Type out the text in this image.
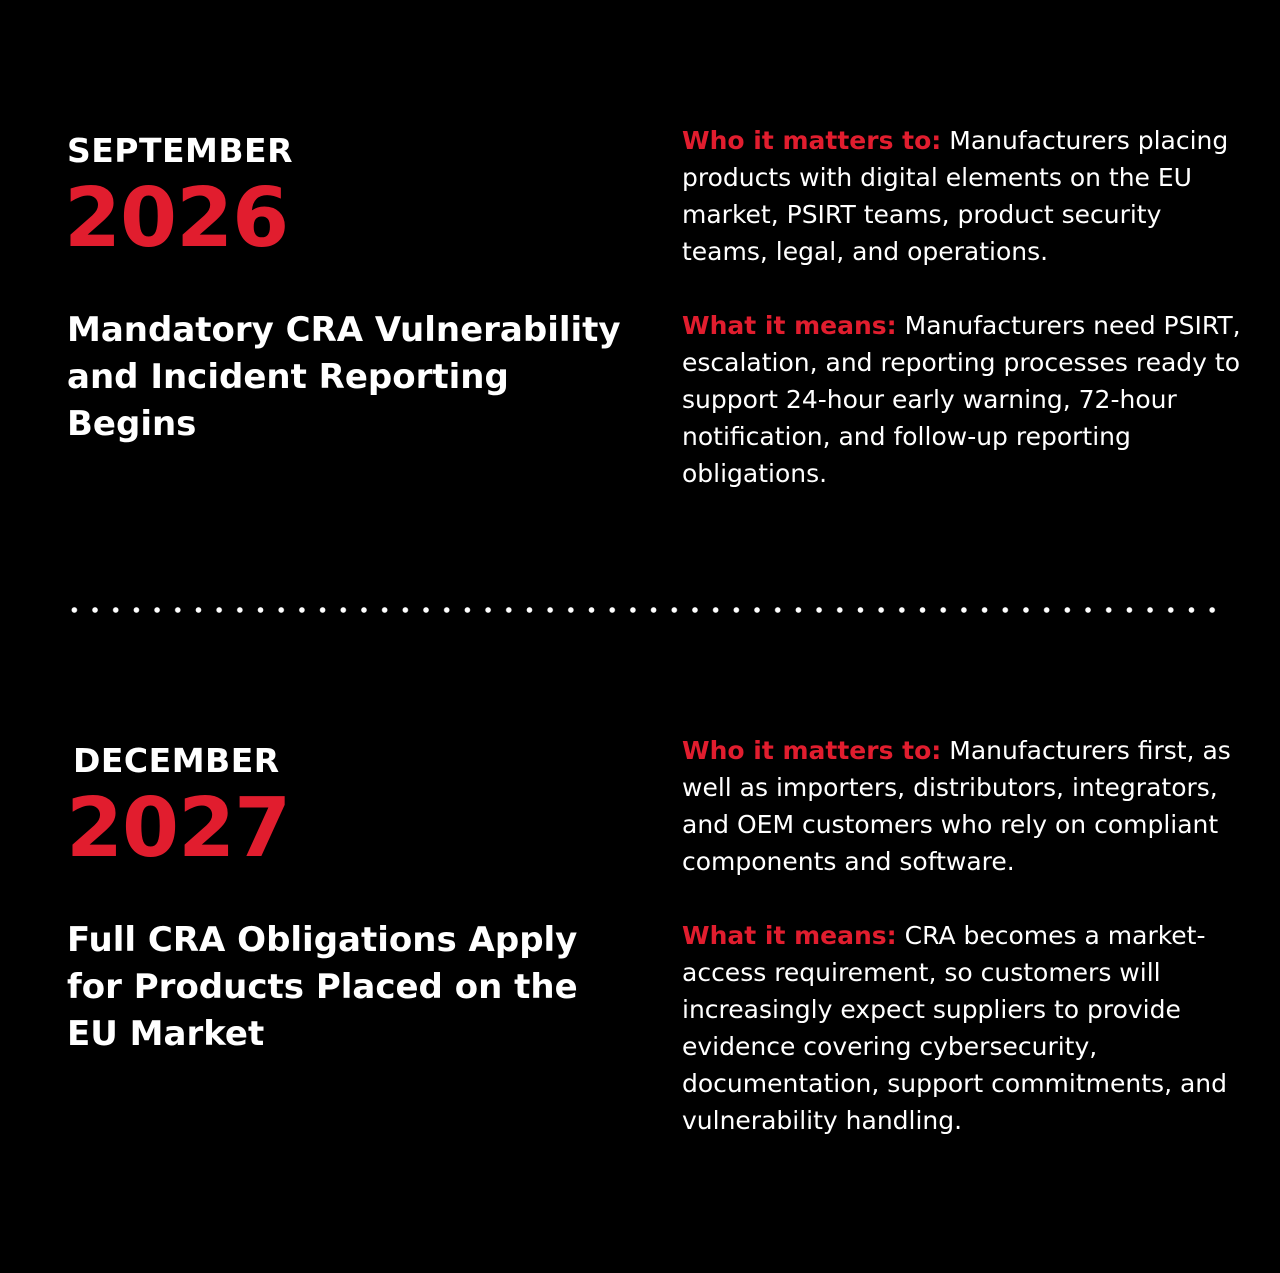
SEPTEMBER

2026

Mandatory CRA Vulnerability
and Incident Reporting Begins

Who it matters to: Manufacturers placing products with digital elements on the EU market, PSIRT teams, product security teams, legal, and operations.

What it means: Manufacturers need PSIRT, escalation, and reporting processes ready to support 24-hour early warning, 72-hour notification, and follow-up reporting obligations.

DECEMBER

2027

Full CRA Obligations Apply
for Products Placed on the
EU Market

Who it matters to: Manufacturers first, as well as importers, distributors, integrators, and OEM customers who rely on compliant components and software.

What it means: CRA becomes a market-access requirement, so customers will increasingly expect suppliers to provide evidence covering cybersecurity, documentation, support commitments, and vulnerability handling.
